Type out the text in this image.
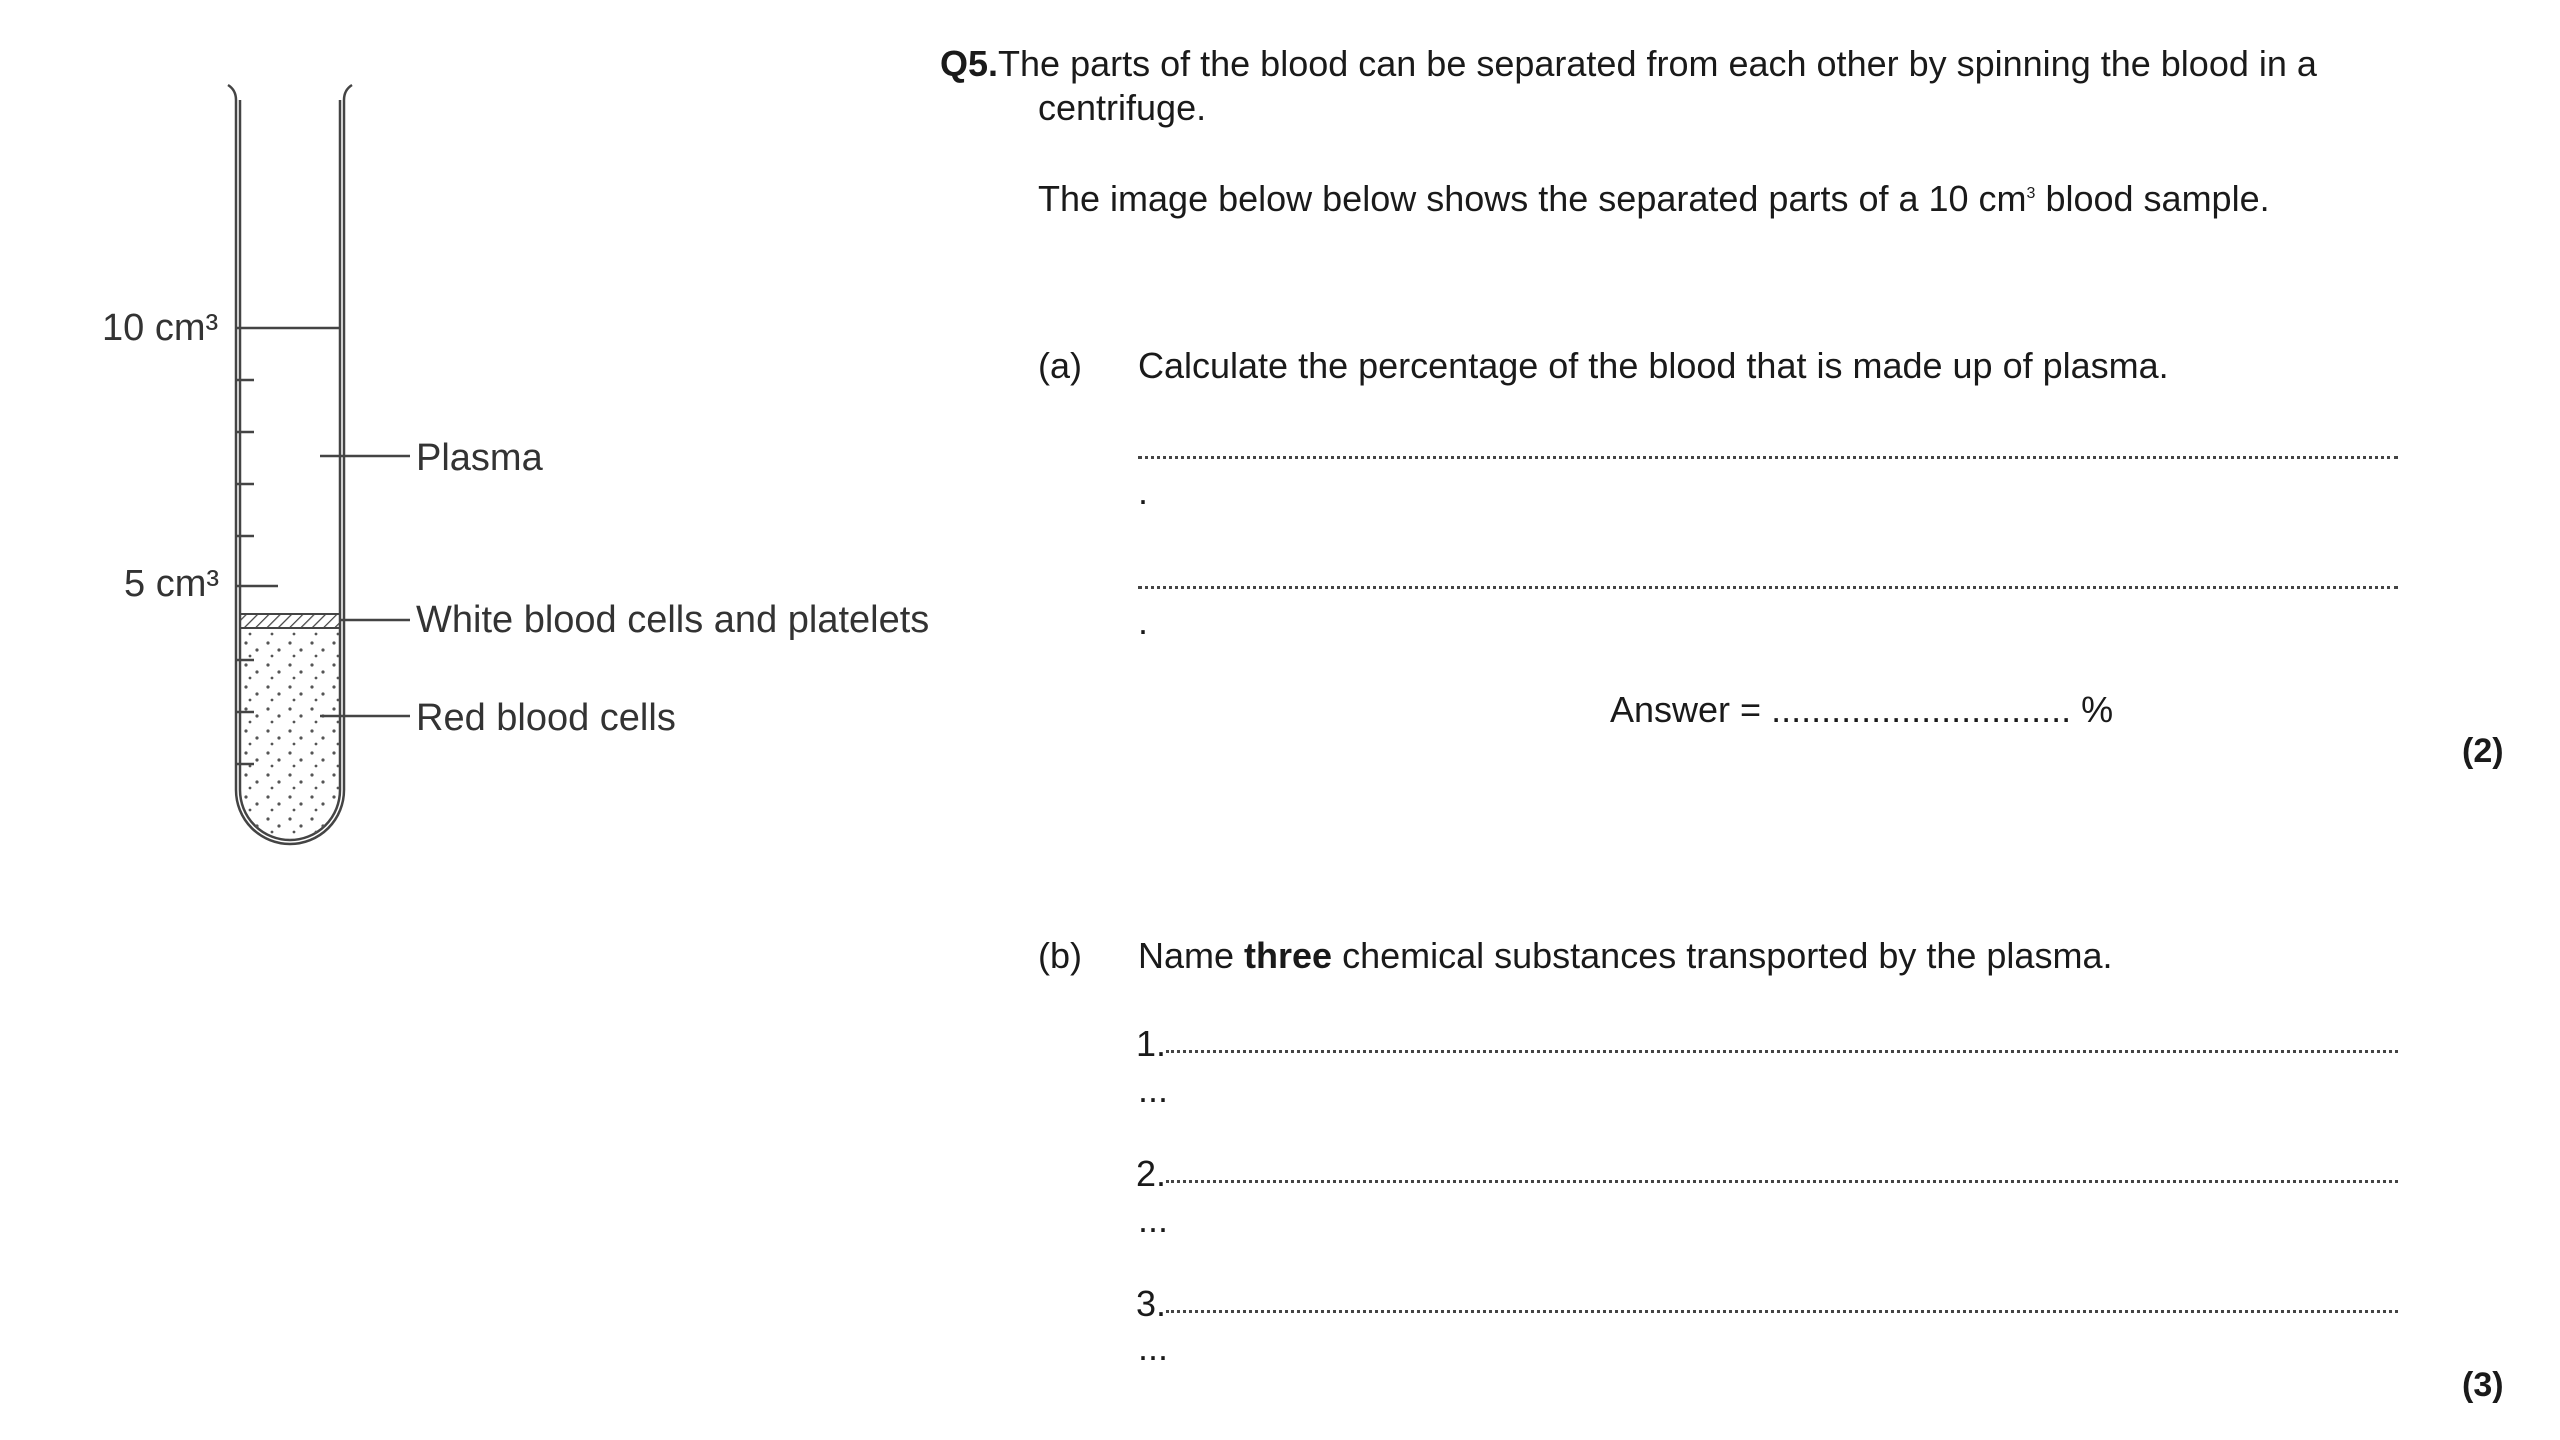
10 cm³
5 cm³
Plasma
White blood cells and platelets
Red blood cells
Q5.The parts of the blood can be separated from each other by spinning the blood in a
centrifuge.
The image below below shows the separated parts of a 10 $cm^3$ blood sample.
(a) Calculate the percentage of the blood that is made up of plasma.
.
.
Answer = .............................. %
(2)
(b) Name three chemical substances transported by the plasma.
1.
...
2.
...
3.
...
(3)
